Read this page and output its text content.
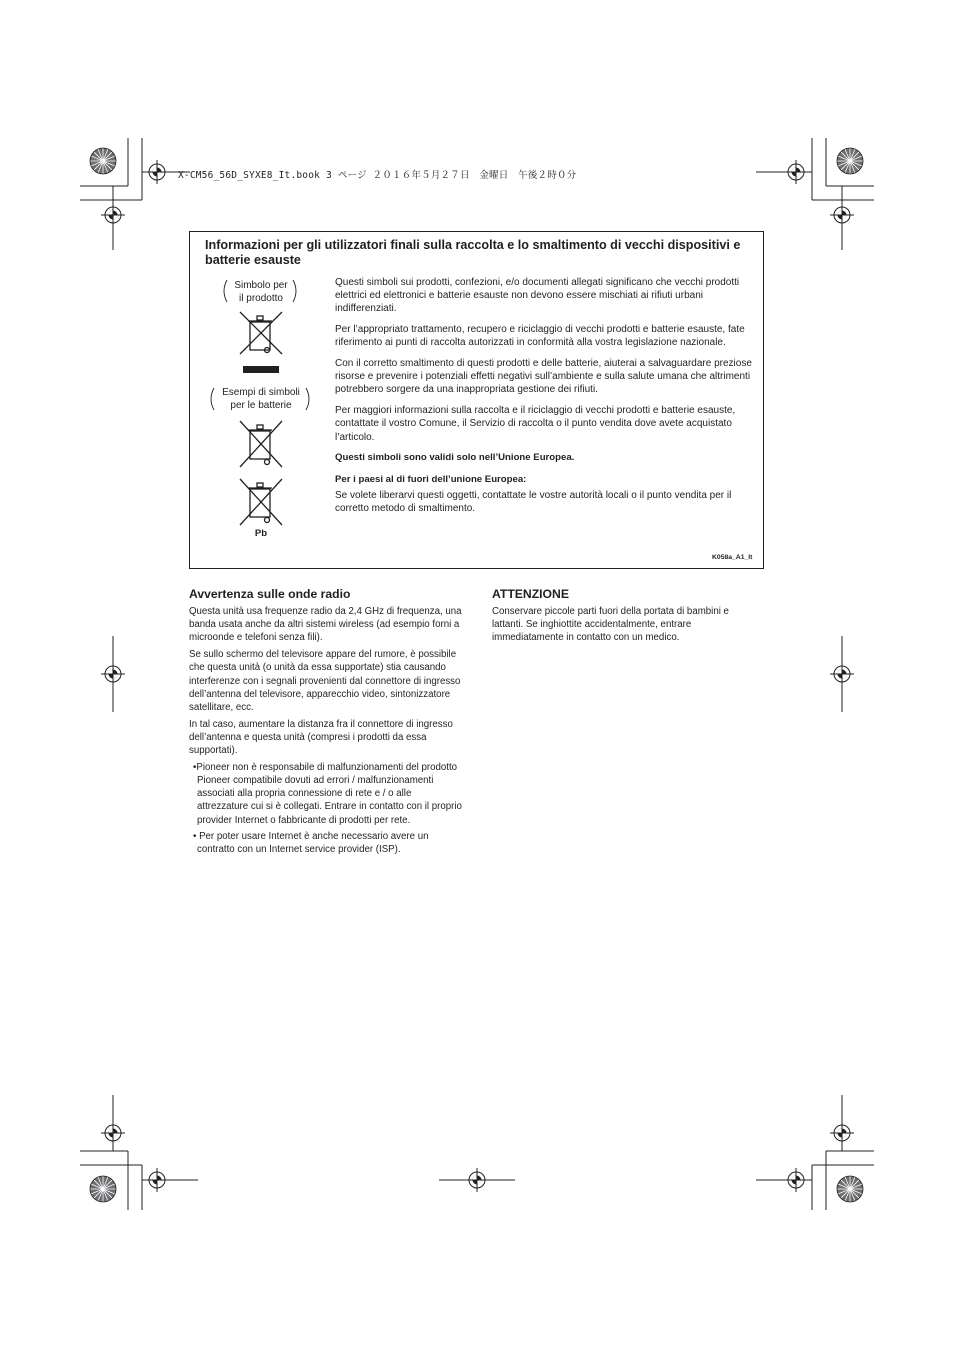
X-CM56_56D_SYXE8_It.book 3 ページ ２０１６年５月２７日　金曜日　午後２時０分
Informazioni per gli utilizzatori finali sulla raccolta e lo smaltimento di vecchi dispositivi e batterie esauste
Simbolo per
il prodotto
Esempi di simboli
per le batterie
Pb

Questi simboli sui prodotti, confezioni, e/o documenti allegati significano che vecchi prodotti elettrici ed elettronici e batterie esauste non devono essere mischiati ai rifiuti urbani indifferenziati.

Per l’appropriato trattamento, recupero e riciclaggio di vecchi prodotti e batterie esauste, fate riferimento ai punti di raccolta autorizzati in conformità alla vostra legislazione nazionale.

Con il corretto smaltimento di questi prodotti e delle batterie, aiuterai a salvaguardare preziose risorse e prevenire i potenziali effetti negativi sull’ambiente e sulla salute umana che altrimenti potrebbero sorgere da una inappropriata gestione dei rifiuti.

Per maggiori informazioni sulla raccolta e il riciclaggio di vecchi prodotti e batterie esauste, contattate il vostro Comune, il Servizio di raccolta o il punto vendita dove avete acquistato l’articolo.

Questi simboli sono validi solo nell’Unione Europea.

Per i paesi al di fuori dell’unione Europea:

Se volete liberarvi questi oggetti, contattate le vostre autorità locali o il punto vendita per il corretto metodo di smaltimento.

K058a_A1_It
Avvertenza sulle onde radio

Questa unità usa frequenze radio da 2,4 GHz di frequenza, una banda usata anche da altri sistemi wireless (ad esempio forni a microonde e telefoni senza fili).

Se sullo schermo del televisore appare del rumore, è possibile che questa unità (o unità da essa supportate) stia causando interferenze con i segnali provenienti dal connettore di ingresso dell’antenna del televisore, apparecchio video, sintonizzatore satellitare, ecc.

In tal caso, aumentare la distanza fra il connettore di ingresso dell’antenna e questa unità (compresi i prodotti da essa supportati).

•Pioneer non è responsabile di malfunzionamenti del prodotto Pioneer compatibile dovuti ad errori / malfunzionamenti associati alla propria connessione di rete e / o alle attrezzature cui si è collegati. Entrare in contatto con il proprio provider Internet o fabbricante di prodotti per rete.

• Per poter usare Internet è anche necessario avere un contratto con un Internet service provider (ISP).

ATTENZIONE

Conservare piccole parti fuori della portata di bambini e lattanti. Se inghiottite accidentalmente, entrare immediatamente in contatto con un medico.
